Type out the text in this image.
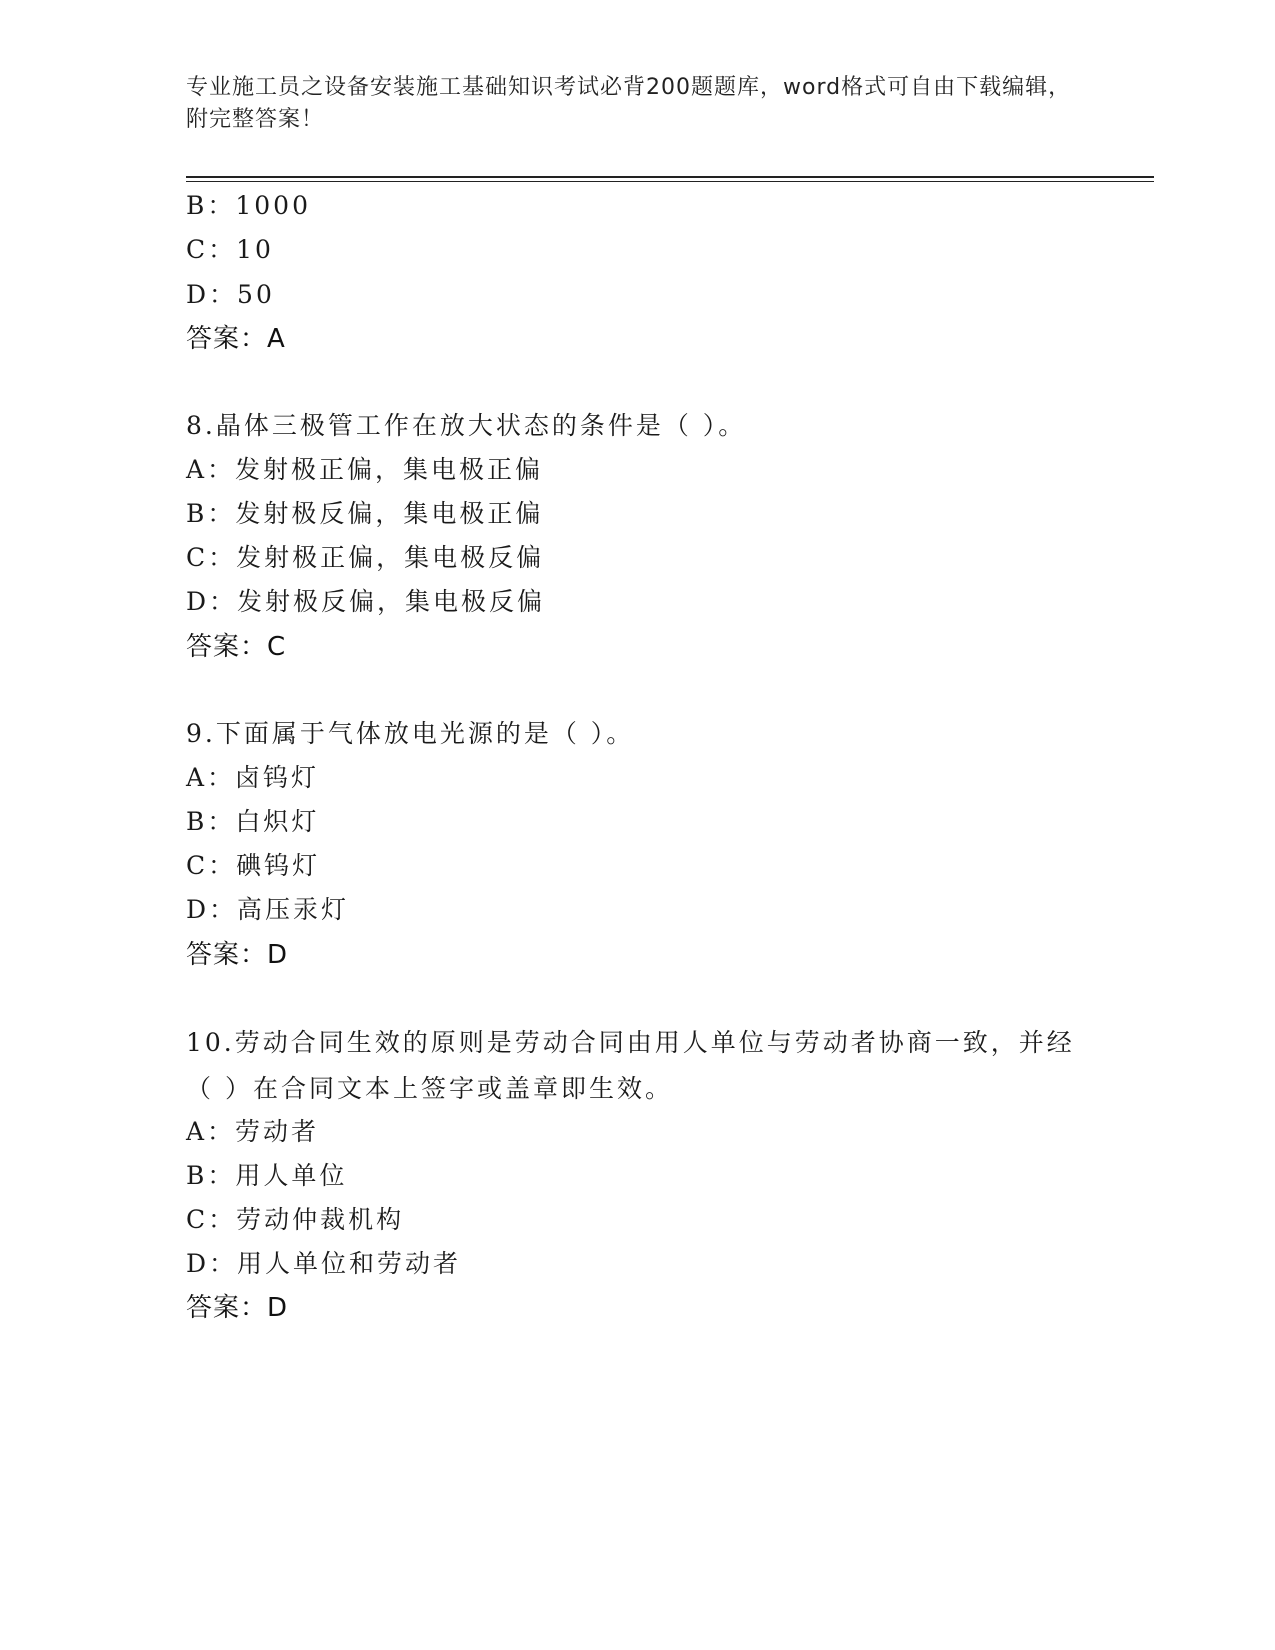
专业施工员之设备安装施工基础知识考试必背200题题库，word格式可自由下载编辑，附完整答案！
B：1000
C：10
D：50
答案：A
8.晶体三极管工作在放大状态的条件是（ ）。
A：发射极正偏，集电极正偏
B：发射极反偏，集电极正偏
C：发射极正偏，集电极反偏
D：发射极反偏，集电极反偏
答案：C
9.下面属于气体放电光源的是（ ）。
A：卤钨灯
B：白炽灯
C：碘钨灯
D：高压汞灯
答案：D
10.劳动合同生效的原则是劳动合同由用人单位与劳动者协商一致，并经（ ）在合同文本上签字或盖章即生效。
A：劳动者
B：用人单位
C：劳动仲裁机构
D：用人单位和劳动者
答案：D
